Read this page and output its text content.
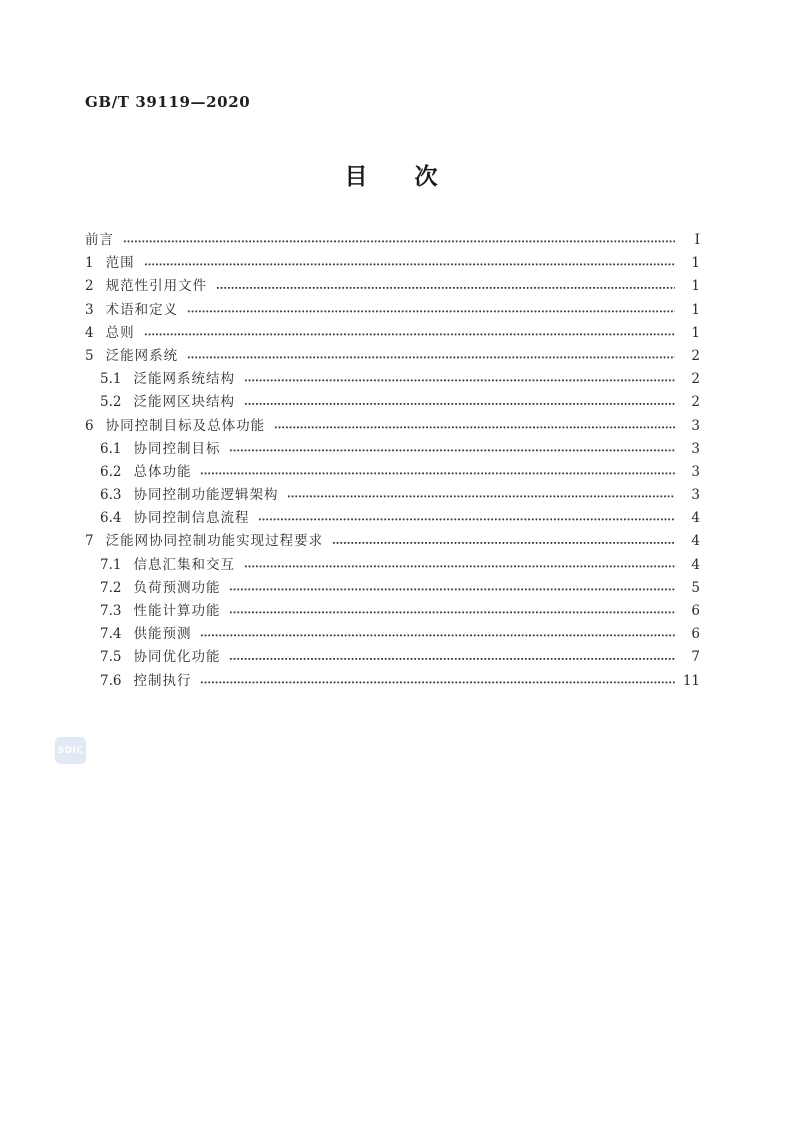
GB/T 39119—2020
目　次
前言	Ⅰ
1 范围	1
2 规范性引用文件	1
3 术语和定义	1
4 总则	1
5 泛能网系统	2
5.1 泛能网系统结构	2
5.2 泛能网区块结构	2
6 协同控制目标及总体功能	3
6.1 协同控制目标	3
6.2 总体功能	3
6.3 协同控制功能逻辑架构	3
6.4 协同控制信息流程	4
7 泛能网协同控制功能实现过程要求	4
7.1 信息汇集和交互	4
7.2 负荷预测功能	5
7.3 性能计算功能	6
7.4 供能预测	6
7.5 协同优化功能	7
7.6 控制执行	11
SDIC
